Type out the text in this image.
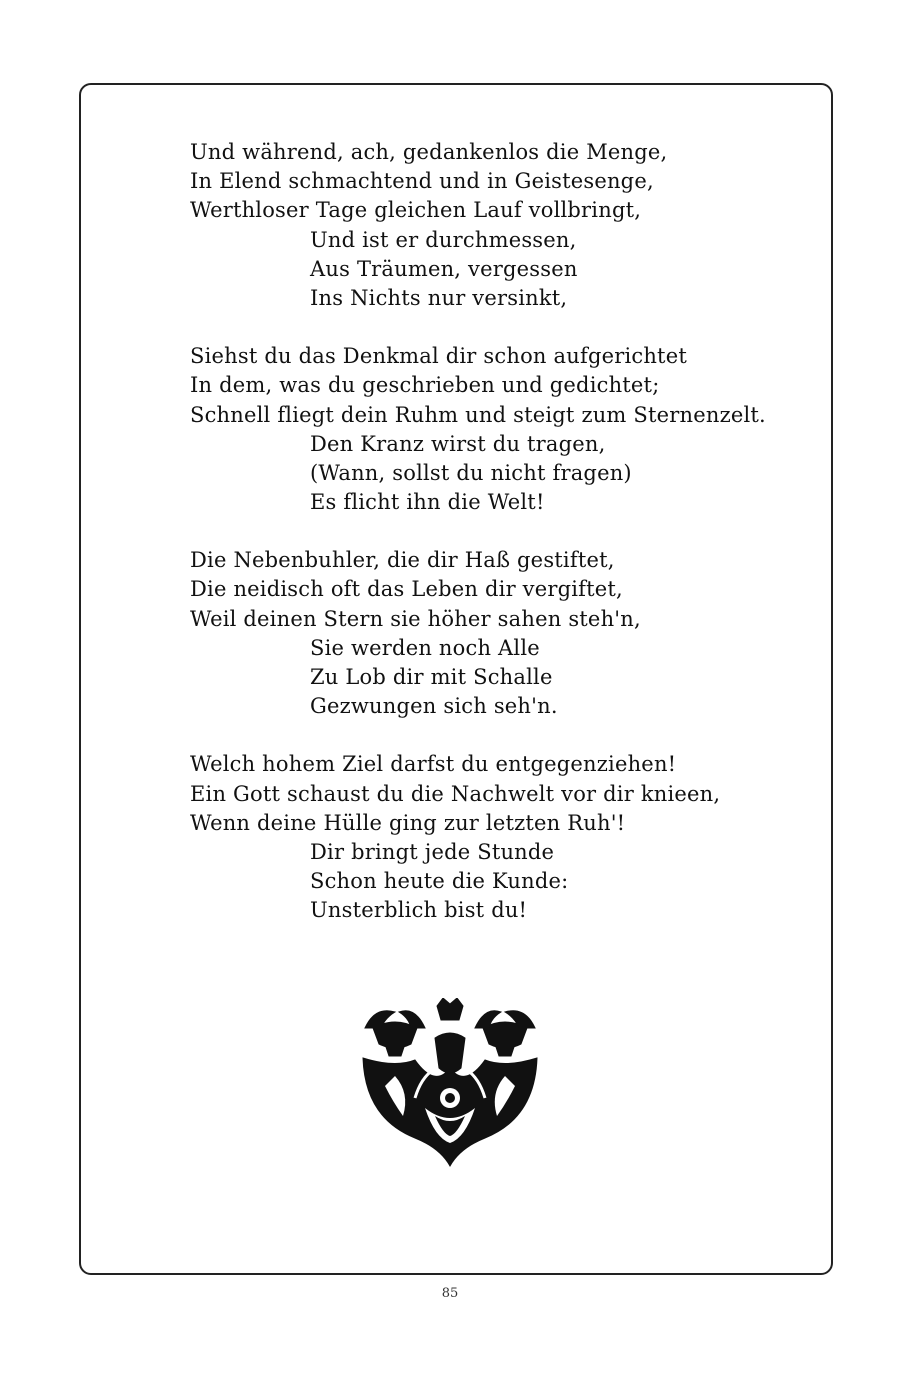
Und während, ach, gedankenlos die Menge,
In Elend schmachtend und in Geistesenge,
Werthloser Tage gleichen Lauf vollbringt,
Und ist er durchmessen,
Aus Träumen, vergessen
Ins Nichts nur versinkt,
Siehst du das Denkmal dir schon aufgerichtet
In dem, was du geschrieben und gedichtet;
Schnell fliegt dein Ruhm und steigt zum Sternenzelt.
Den Kranz wirst du tragen,
(Wann, sollst du nicht fragen)
Es flicht ihn die Welt!
Die Nebenbuhler, die dir Haß gestiftet,
Die neidisch oft das Leben dir vergiftet,
Weil deinen Stern sie höher sahen steh'n,
Sie werden noch Alle
Zu Lob dir mit Schalle
Gezwungen sich seh'n.
Welch hohem Ziel darfst du entgegenziehen!
Ein Gott schaust du die Nachwelt vor dir knieen,
Wenn deine Hülle ging zur letzten Ruh'!
Dir bringt jede Stunde
Schon heute die Kunde:
Unsterblich bist du!
85
